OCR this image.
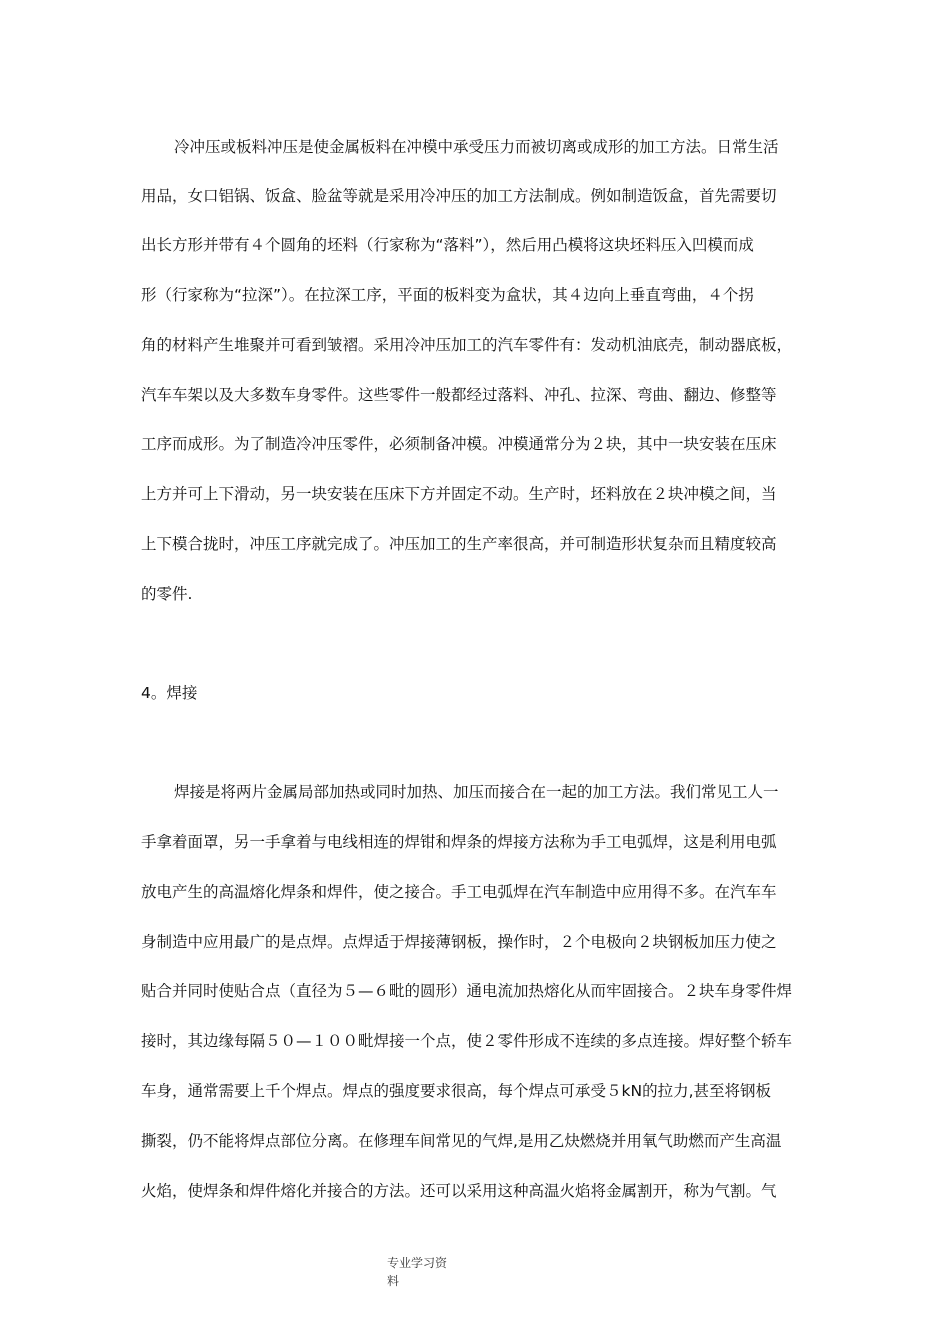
冷冲压或板料冲压是使金属板料在冲模中承受压力而被切离或成形的加工方法。日常生活

用品，女口铝锅、饭盒、脸盆等就是采用冷冲压的加工方法制成。例如制造饭盒，首先需要切

出长方形并带有４个圆角的坯料（行家称为“落料”），然后用凸模将这块坯料压入凹模而成

形（行家称为“拉深”）。在拉深工序，平面的板料变为盒状，其４边向上垂直弯曲，４个拐

角的材料产生堆聚并可看到皱褶。采用冷冲压加工的汽车零件有：发动机油底壳，制动器底板，

汽车车架以及大多数车身零件。这些零件一般都经过落料、冲孔、拉深、弯曲、翻边、修整等

工序而成形。为了制造冷冲压零件，必须制备冲模。冲模通常分为２块，其中一块安装在压床

上方并可上下滑动，另一块安装在压床下方并固定不动。生产时，坯料放在２块冲模之间，当

上下模合拢时，冲压工序就完成了。冲压加工的生产率很高，并可制造形状复杂而且精度较高

的零件.

4。焊接

焊接是将两片金属局部加热或同时加热、加压而接合在一起的加工方法。我们常见工人一

手拿着面罩，另一手拿着与电线相连的焊钳和焊条的焊接方法称为手工电弧焊，这是利用电弧

放电产生的高温熔化焊条和焊件，使之接合。手工电弧焊在汽车制造中应用得不多。在汽车车

身制造中应用最广的是点焊。点焊适于焊接薄钢板，操作时，２个电极向２块钢板加压力使之

贴合并同时使贴合点（直径为５—６毗的圆形）通电流加热熔化从而牢固接合。２块车身零件焊

接时，其边缘每隔５０—１００毗焊接一个点，使２零件形成不连续的多点连接。焊好整个轿车

车身，通常需要上千个焊点。焊点的强度要求很高，每个焊点可承受５kN的拉力,甚至将钢板

撕裂，仍不能将焊点部位分离。在修理车间常见的气焊,是用乙炔燃烧并用氧气助燃而产生高温

火焰，使焊条和焊件熔化并接合的方法。还可以采用这种高温火焰将金属割开，称为气割。气

专业学习资
料
